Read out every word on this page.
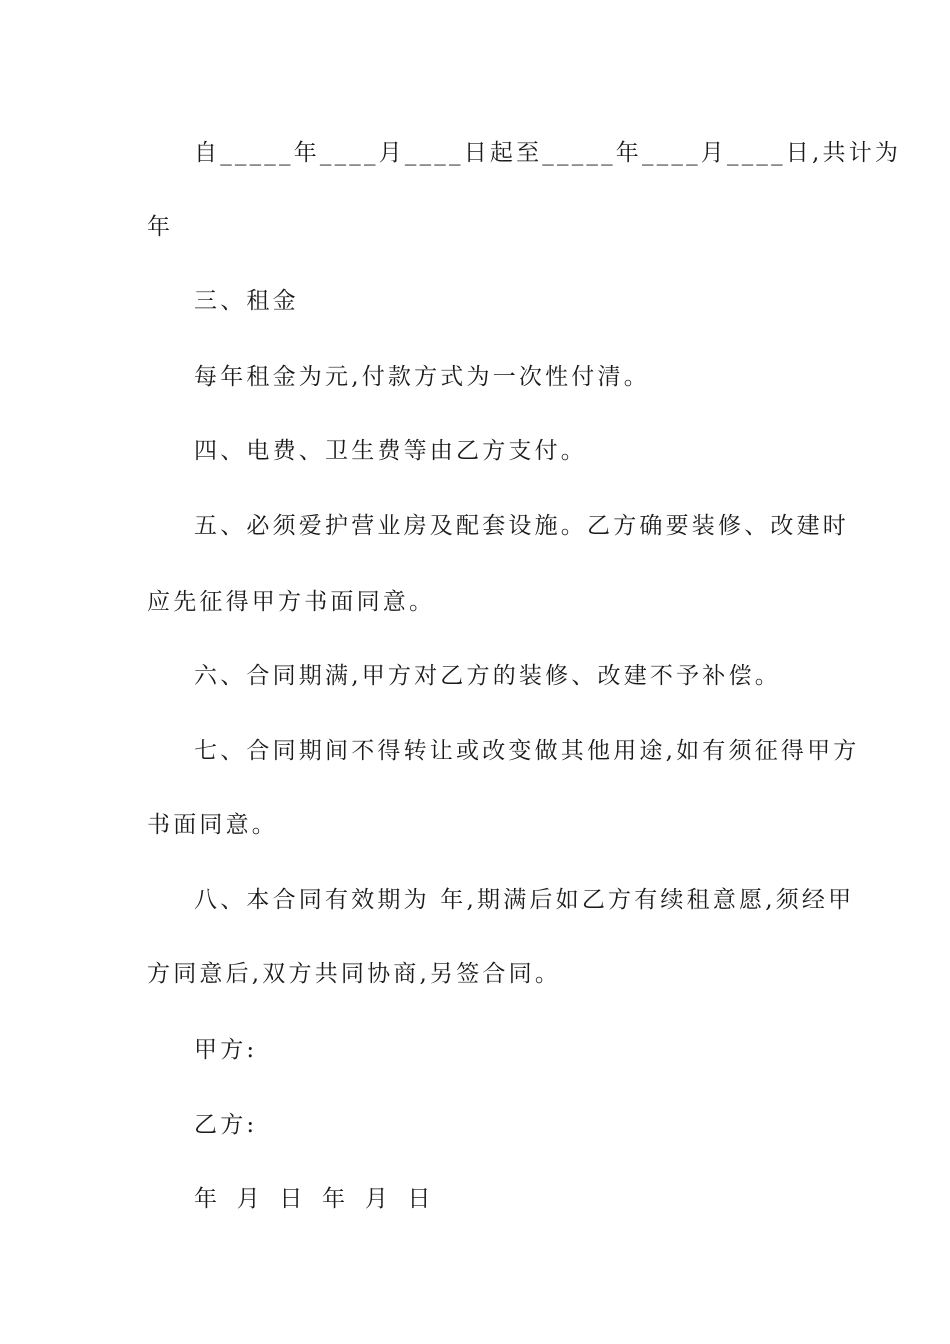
自_____年____月____日起至_____年____月____日,共计为
年
三、租金
每年租金为元,付款方式为一次性付清。
四、电费、卫生费等由乙方支付。
五、必须爱护营业房及配套设施。乙方确要装修、改建时
应先征得甲方书面同意。
六、合同期满,甲方对乙方的装修、改建不予补偿。
七、合同期间不得转让或改变做其他用途,如有须征得甲方
书面同意。
八、本合同有效期为 年,期满后如乙方有续租意愿,须经甲
方同意后,双方共同协商,另签合同。
甲方:
乙方:
年 月 日 年 月 日
